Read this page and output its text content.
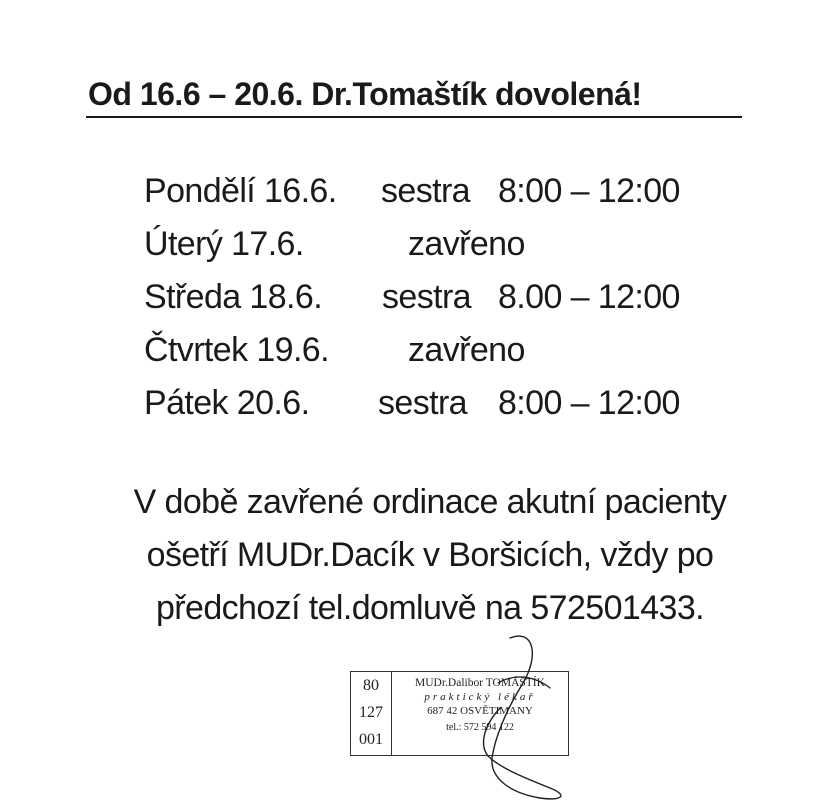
Od 16.6 – 20.6. Dr.Tomaštík dovolená!
Pondělí 16.6. sestra 8:00 – 12:00
Úterý 17.6.	zavřeno
Středa 18.6. sestra 8.00 – 12:00
Čtvrtek 19.6. zavřeno
Pátek 20.6. sestra 8:00 – 12:00
V době zavřené ordinace akutní pacienty
ošetří MUDr.Dacík v Boršicích, vždy po
předchozí tel.domluvě na 572501433.
80
127
001
MUDr.Dalibor TOMÁŠTÍK
praktický lékař
687 42 OSVĚTIMANY
tel.: 572 594 122
